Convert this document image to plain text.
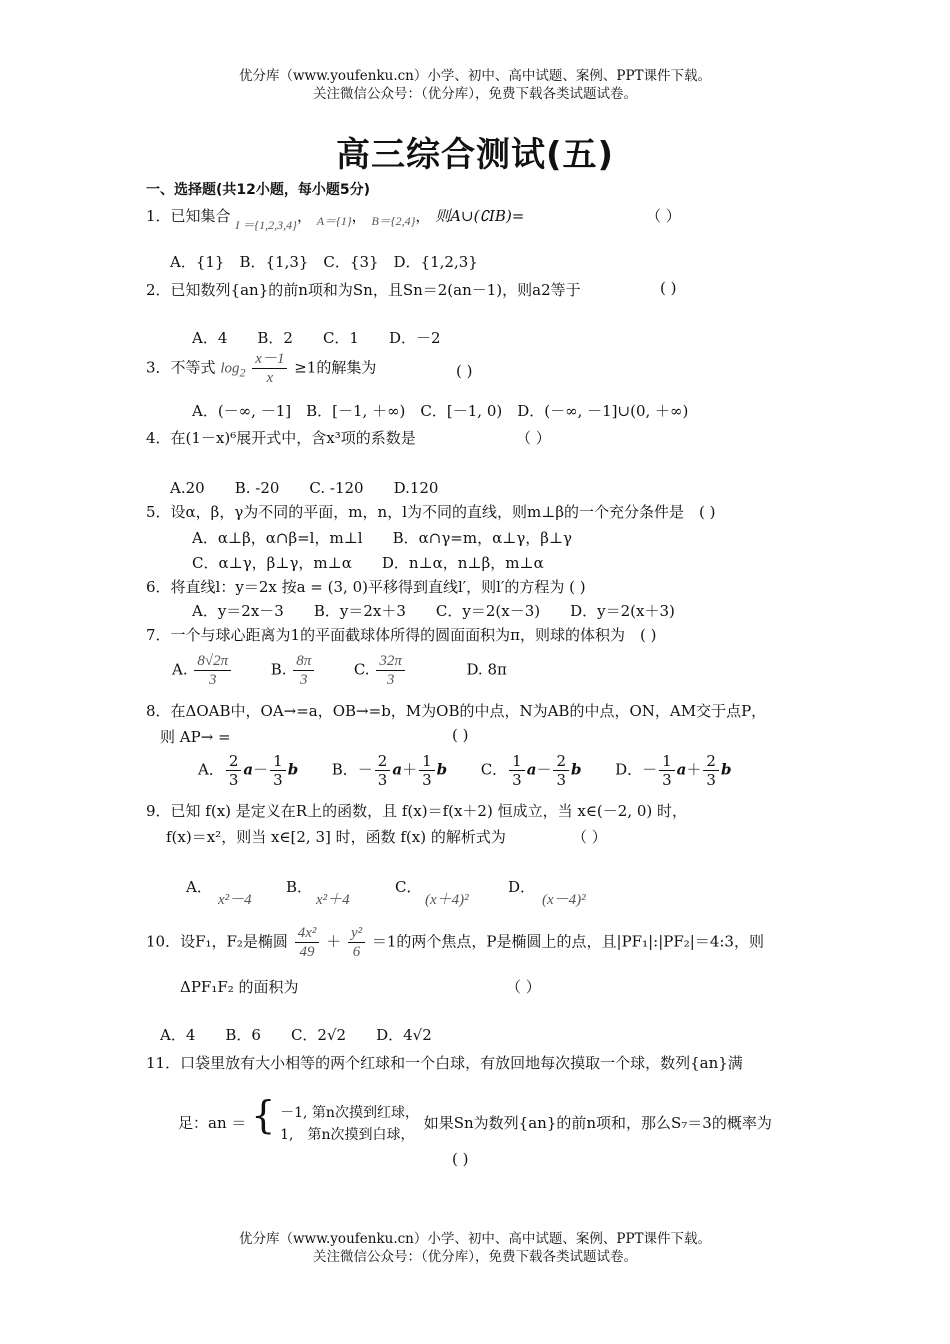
优分库（www.youfenku.cn）小学、初中、高中试题、案例、PPT课件下载。
关注微信公众号：（优分库），免费下载各类试题试卷。
高三综合测试(五)
一、选择题(共12小题，每小题5分)
1．已知集合 $_{I =\{1,2,3,4\}}$， $_{A=\{1\}}$， $_{B=\{2,4\}}$， 则A∪(∁IB)=	（ ）
A．{1}　B．{1,3}　C．{3}　D．{1,2,3}
2．已知数列{an}的前n项和为Sn，且Sn＝2(an－1)，则a2等于	( )
A．4　　B．2　　C．1　　D．－2
3．不等式 $\log_2 \frac{x-1}{x} \ge 1$的解集为	( )
A．(－∞, －1]　B．[－1, ＋∞)　C．[－1, 0)　D．(－∞, －1]∪(0, ＋∞)
4．在(1－x)⁶展开式中，含x³项的系数是	（ ）
A.20　　B. -20　　C. -120　　D.120
5．设α，β，γ为不同的平面，m，n，l为不同的直线，则m⊥β的一个充分条件是　( )
A．α⊥β，α∩β=l，m⊥l　　B．α∩γ=m，α⊥γ，β⊥γ
C．α⊥γ，β⊥γ，m⊥α　　D．n⊥α，n⊥β，m⊥α
6．将直线l：y＝2x 按a = (3, 0)平移得到直线l′，则l′的方程为 ( )
A．y＝2x－3　　B．y＝2x＋3　　C．y＝2(x－3)　　D．y＝2(x＋3)
7．一个与球心距离为1的平面截球体所得的圆面面积为π，则球的体积为　( )
A. $\frac{8√2\pi}{3}$	B. $\frac{8\pi}{3}$	C. $\frac{32\pi}{3}$	D. 8π
8．在ΔOAB中，OA→=a，OB→=b，M为OB的中点，N为AB的中点，ON，AM交于点P，
则 AP→ =	( )
A． $\frac{2}{3} a- \frac{1}{3}$ b B．－ $\frac{2}{3} a+ \frac{1}{3}$ b C． $\frac{1}{3} a- \frac{2}{3}$ b D．－ $\frac{1}{3} a+ \frac{2}{3}$ b
9．已知 f(x) 是定义在R上的函数，且 f(x)＝f(x＋2) 恒成立，当 x∈(－2, 0) 时，
f(x)＝x²，则当 x∈[2, 3] 时，函数 f(x) 的解析式为	（ ）
A．
x²－4
B．
x²＋4
C．
(x＋4)²
D．
(x－4)²
10．设F₁，F₂是椭圆 $\frac{\text{4x²}}{49} + \frac{\text{y²}}{6} =1$的两个焦点，P是椭圆上的点，且|PF₁|:|PF₂|＝4:3，则
ΔPF₁F₂ 的面积为	（ ）
A．4　　B．6　　C．2√2　　D．4√2
11．口袋里放有大小相等的两个红球和一个白球，有放回地每次摸取一个球，数列{an}满
足：an ＝ { －1, 第n次摸到红球，
1,　第n次摸到白球，
如果Sn为数列{an}的前n项和，那么S₇＝3的概率为
( )
优分库（www.youfenku.cn）小学、初中、高中试题、案例、PPT课件下载。
关注微信公众号：（优分库），免费下载各类试题试卷。
